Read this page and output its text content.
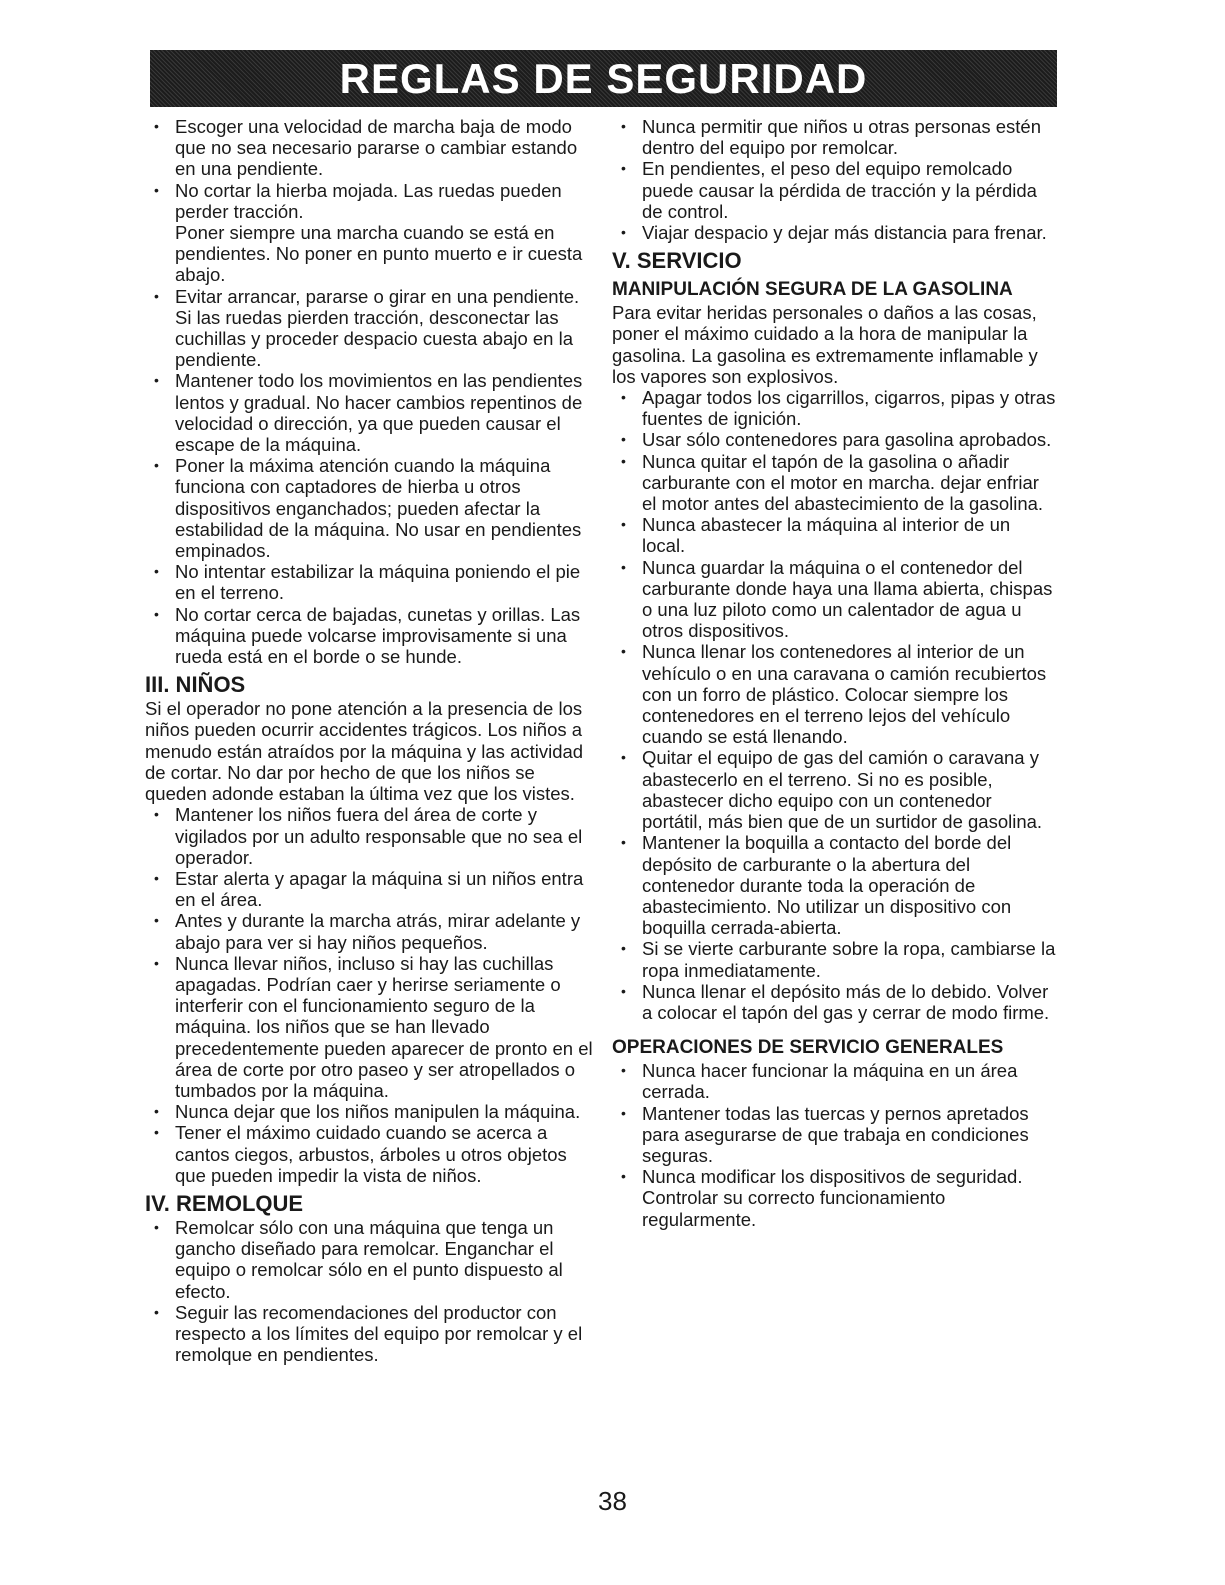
REGLAS DE SEGURIDAD
• Escoger una velocidad de marcha baja de modo que no sea necesario pararse o cambiar estando en una pendiente.
• No cortar la hierba mojada. Las ruedas pueden perder tracción.

Poner siempre una marcha cuando se está en pendientes. No poner en punto muerto e ir cuesta abajo.

• Evitar arrancar, pararse o girar en una pendiente. Si las ruedas pierden tracción, desconectar las cuchillas y proceder despacio cuesta abajo en la pendiente.
• Mantener todo los movimientos en las pendientes lentos y gradual. No hacer cambios repentinos de velocidad o dirección, ya que pueden causar el escape de la máquina.
• Poner la máxima atención cuando la máquina funciona con captadores de hierba u otros dispositivos enganchados; pueden afectar la estabilidad de la máquina. No usar en pendientes empinados.
• No intentar estabilizar la máquina poniendo el pie en el terreno.
• No cortar cerca de bajadas, cunetas y orillas. Las máquina puede volcarse improvisamente si una rueda está en el borde o se hunde.
III. NIÑOS

Si el operador no pone atención a la presencia de los niños pueden ocurrir accidentes trágicos. Los niños a menudo están atraídos por la máquina y las actividad de cortar. No dar por hecho de que los niños se queden adonde estaban la última vez que los vistes.

• Mantener los niños fuera del área de corte y vigilados por un adulto responsable que no sea el operador.
• Estar alerta y apagar la máquina si un niños entra en el área.
• Antes y durante la marcha atrás, mirar adelante y abajo para ver si hay niños pequeños.
• Nunca llevar niños, incluso si hay las cuchillas apagadas. Podrían caer y herirse seriamente o interferir con el funcionamiento seguro de la máquina. los niños que se han llevado precedentemente pueden aparecer de pronto en el área de corte por otro paseo y ser atropellados o tumbados por la máquina.
• Nunca dejar que los niños manipulen la máquina.
• Tener el máximo cuidado cuando se acerca a cantos ciegos, arbustos, árboles u otros objetos que pueden impedir la vista de niños.
IV. REMOLQUE
• Remolcar sólo con una máquina que tenga un gancho diseñado para remolcar. Enganchar el equipo o remolcar sólo en el punto dispuesto al efecto.
• Seguir las recomendaciones del productor con respecto a los límites del equipo por remolcar y el remolque en pendientes.
• Nunca permitir que niños u otras personas estén dentro del equipo por remolcar.
• En pendientes, el peso del equipo remolcado puede causar la pérdida de tracción y la pérdida de control.
• Viajar despacio y dejar más distancia para frenar.
V. SERVICIO
MANIPULACIÓN SEGURA DE LA GASOLINA

Para evitar heridas personales o daños a las cosas, poner el máximo cuidado a la hora de manipular la gasolina. La gasolina es extremamente inflamable y los vapores son explosivos.

• Apagar todos los cigarrillos, cigarros, pipas y otras fuentes de ignición.
• Usar sólo contenedores para gasolina aprobados.
• Nunca quitar el tapón de la gasolina o añadir carburante con el motor en marcha. dejar enfriar el motor antes del abastecimiento de la gasolina.
• Nunca abastecer la máquina al interior de un local.
• Nunca guardar la máquina o el contenedor del carburante donde haya una llama abierta, chispas o una luz piloto como un calentador de agua u otros dispositivos.
• Nunca llenar los contenedores al interior de un vehículo o en una caravana o camión recubiertos con un forro de plástico. Colocar siempre los contenedores en el terreno lejos del vehículo cuando se está llenando.
• Quitar el equipo de gas del camión o caravana y abastecerlo en el terreno. Si no es posible, abastecer dicho equipo con un contenedor portátil, más bien que de un surtidor de gasolina.
• Mantener la boquilla a contacto del borde del depósito de carburante o la abertura del contenedor durante toda la operación de abastecimiento. No utilizar un dispositivo con boquilla cerrada-abierta.
• Si se vierte carburante sobre la ropa, cambiarse la ropa inmediatamente.
• Nunca llenar el depósito más de lo debido. Volver a colocar el tapón del gas y cerrar de modo firme.
OPERACIONES DE SERVICIO GENERALES
• Nunca hacer funcionar la máquina en un área cerrada.
• Mantener todas las tuercas y pernos apretados para asegurarse de que trabaja en condiciones seguras.
• Nunca modificar los dispositivos de seguridad. Controlar su correcto funcionamiento regularmente.
38
